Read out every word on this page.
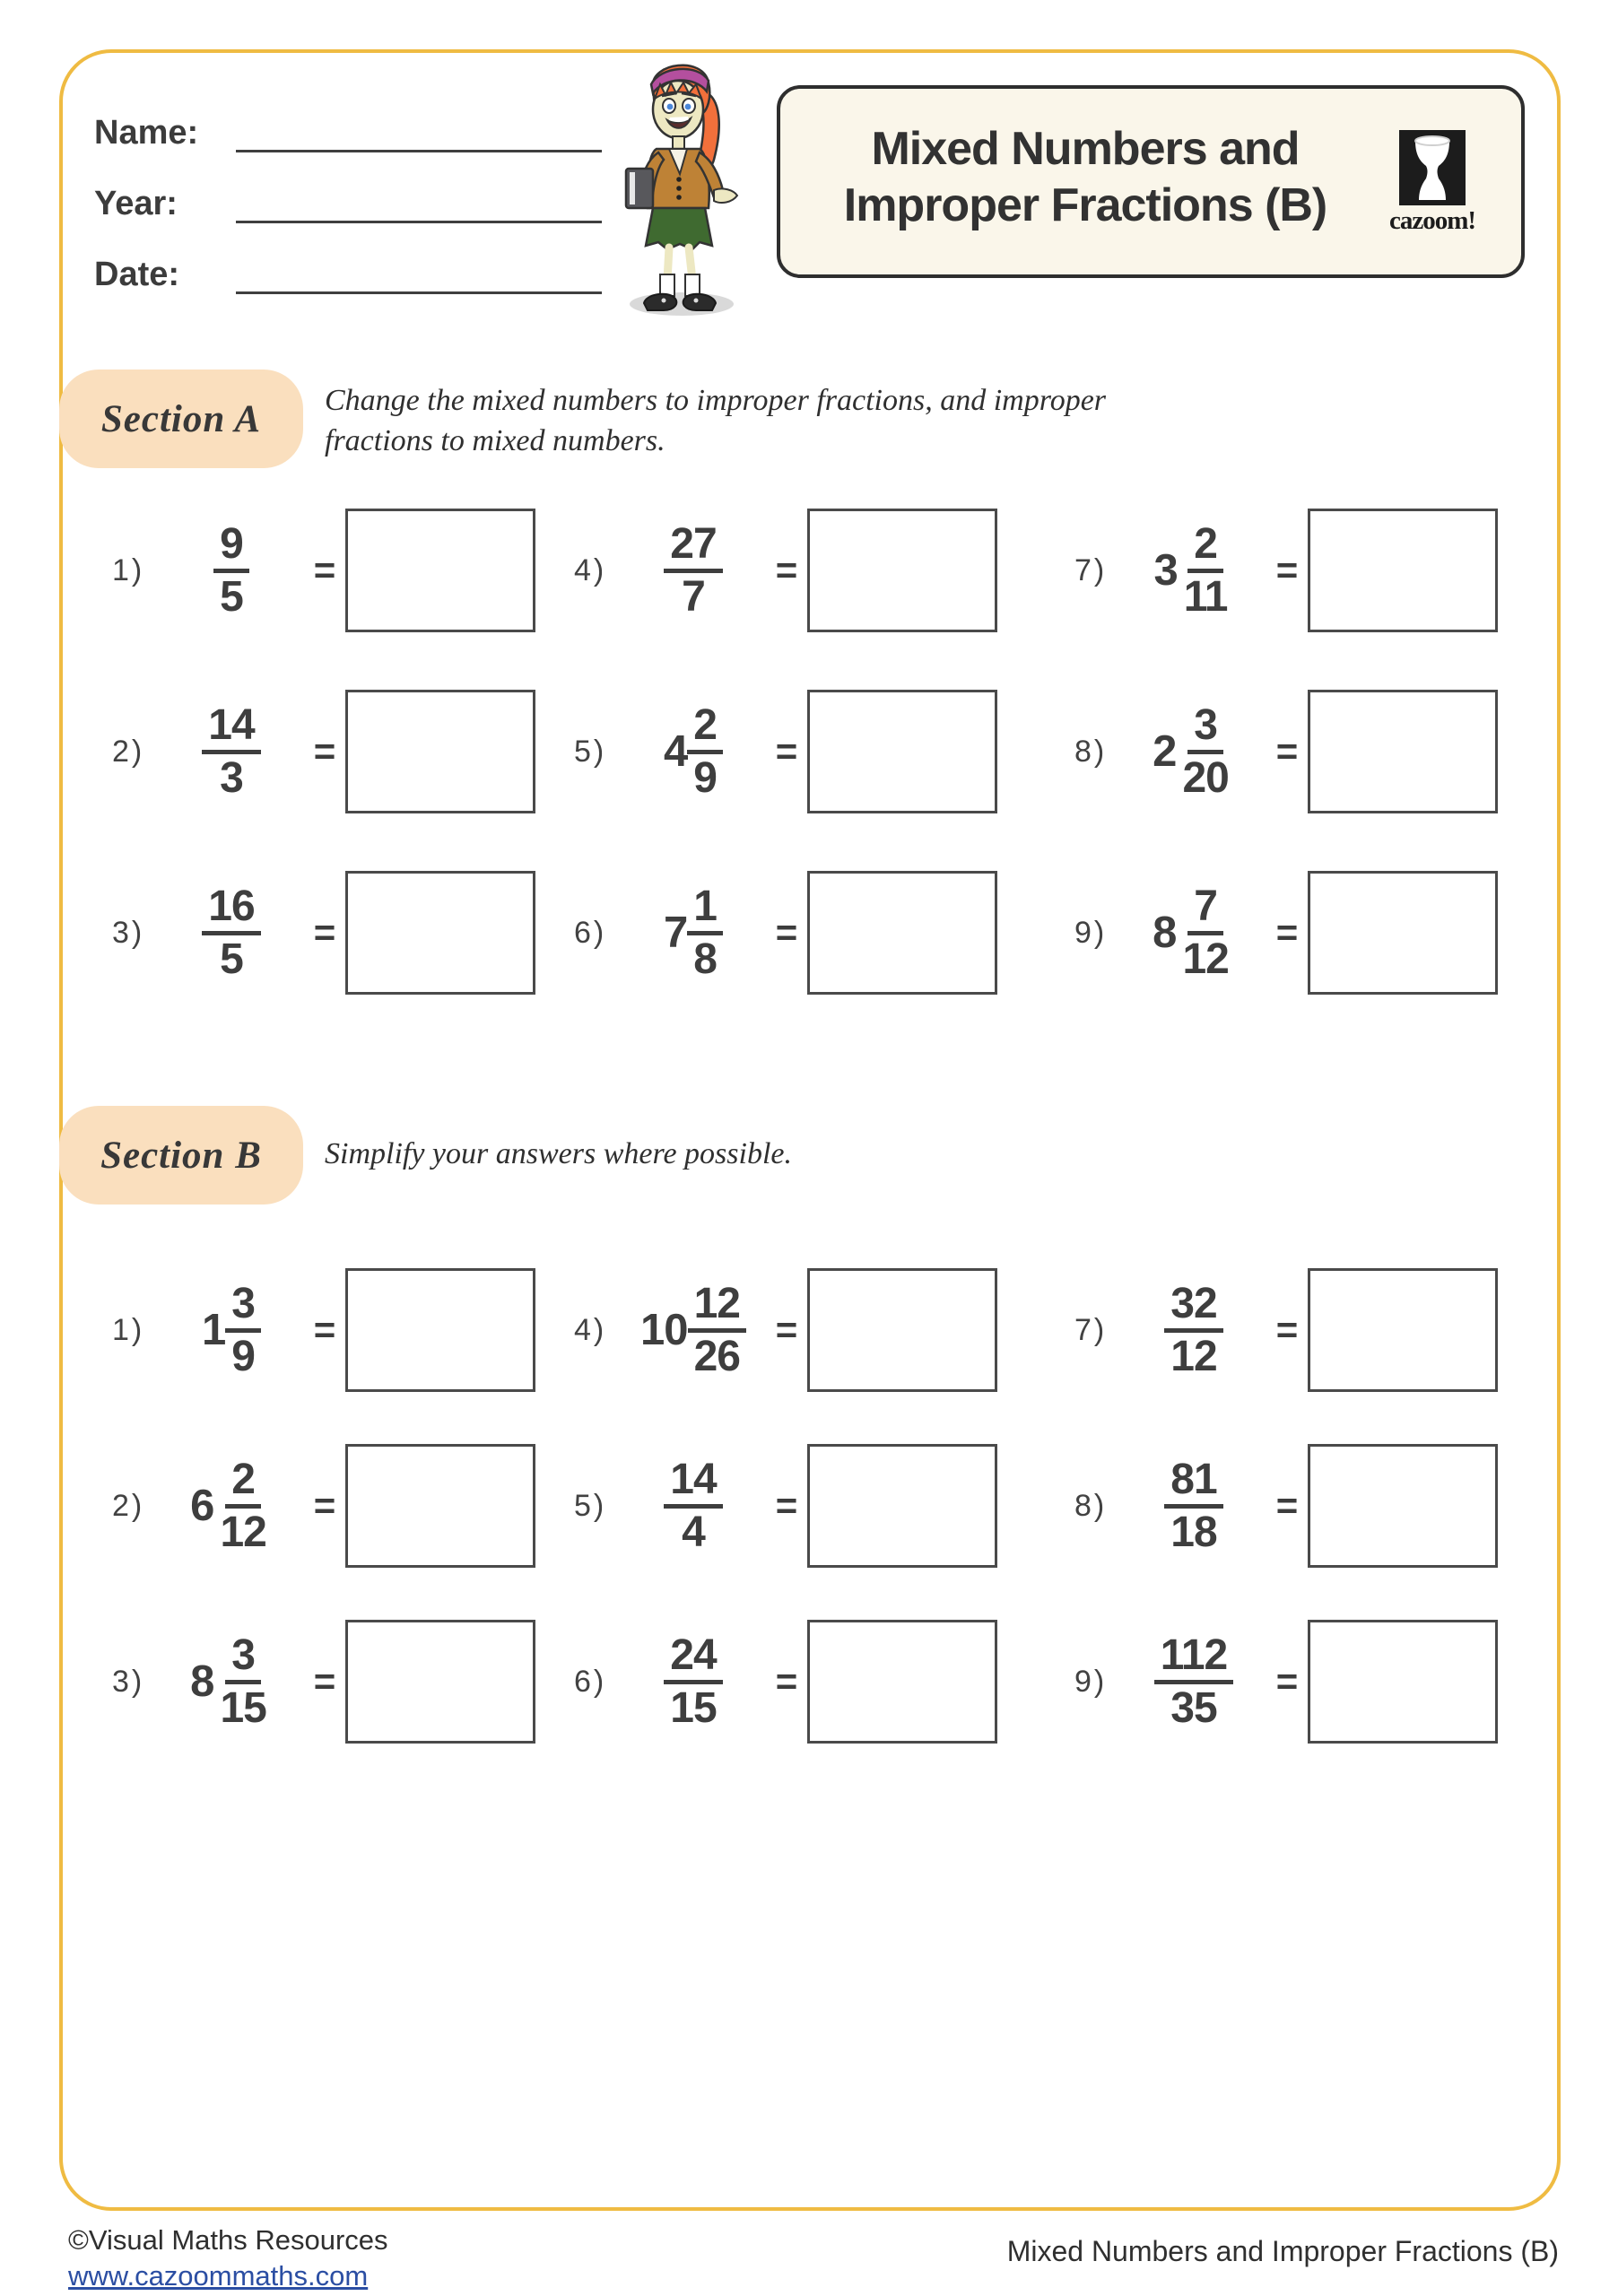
Name:
Year:
Date:
Mixed Numbers and
Improper Fractions (B)	cazoom!
Section A Change the mixed numbers to improper fractions, and improper fractions to mixed numbers.
1)	$\frac{9}{5}$ =
2)	$\frac{14}{3}$ =
3)	$\frac{16}{5}$ =
4)	$\frac{27}{7}$ =
5)	$4 \frac{2}{9}$ =
6)	$7 \frac{1}{8}$ =
7)	$3 \frac{2}{11}$ =
8)	$2 \frac{3}{20}$ =
9)	$8 \frac{7}{12}$ =
Section B Simplify your answers where possible.
1)	$1 \frac{3}{9}$ =
2)	$6 \frac{2}{12}$ =
3)	$8 \frac{3}{15}$ =
4) $10 \frac{12}{26}$ =
5)	$\frac{14}{4}$ =
6)	$\frac{24}{15}$ =
7)	$\frac{32}{12}$ =
8)	$\frac{81}{18}$ =
9)	$\frac{112}{35}$ =
©Visual Maths Resources
www.cazoommaths.com
Mixed Numbers and Improper Fractions (B)
